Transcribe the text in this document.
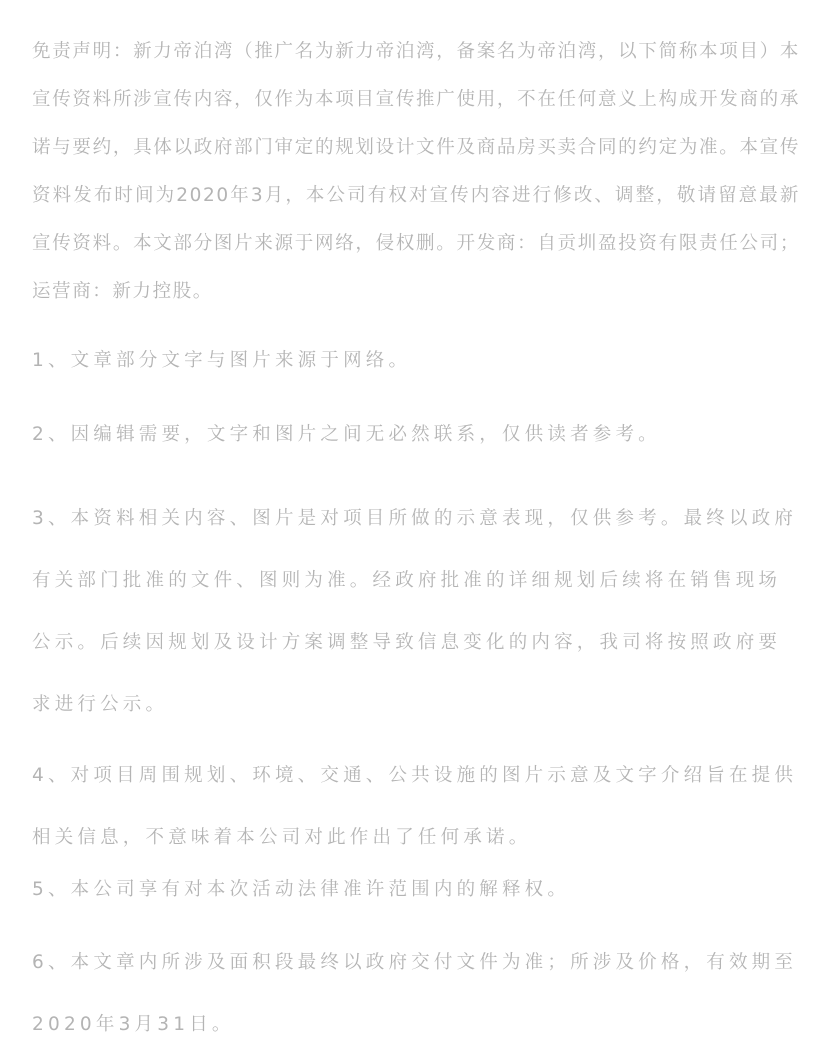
免责声明：新力帝泊湾（推广名为新力帝泊湾，备案名为帝泊湾，以下简称本项目）本宣传资料所涉宣传内容，仅作为本项目宣传推广使用，不在任何意义上构成开发商的承诺与要约，具体以政府部门审定的规划设计文件及商品房买卖合同的约定为准。本宣传资料发布时间为2020年3月，本公司有权对宣传内容进行修改、调整，敬请留意最新宣传资料。本文部分图片来源于网络，侵权删。开发商：自贡圳盈投资有限责任公司；运营商：新力控股。

1、文章部分文字与图片来源于网络。

2、因编辑需要，文字和图片之间无必然联系，仅供读者参考。

3、本资料相关内容、图片是对项目所做的示意表现，仅供参考。最终以政府有关部门批准的文件、图则为准。经政府批准的详细规划后续将在销售现场公示。后续因规划及设计方案调整导致信息变化的内容，我司将按照政府要求进行公示。

4、对项目周围规划、环境、交通、公共设施的图片示意及文字介绍旨在提供相关信息，不意味着本公司对此作出了任何承诺。

5、本公司享有对本次活动法律准许范围内的解释权。

6、本文章内所涉及面积段最终以政府交付文件为准；所涉及价格，有效期至2020年3月31日。
